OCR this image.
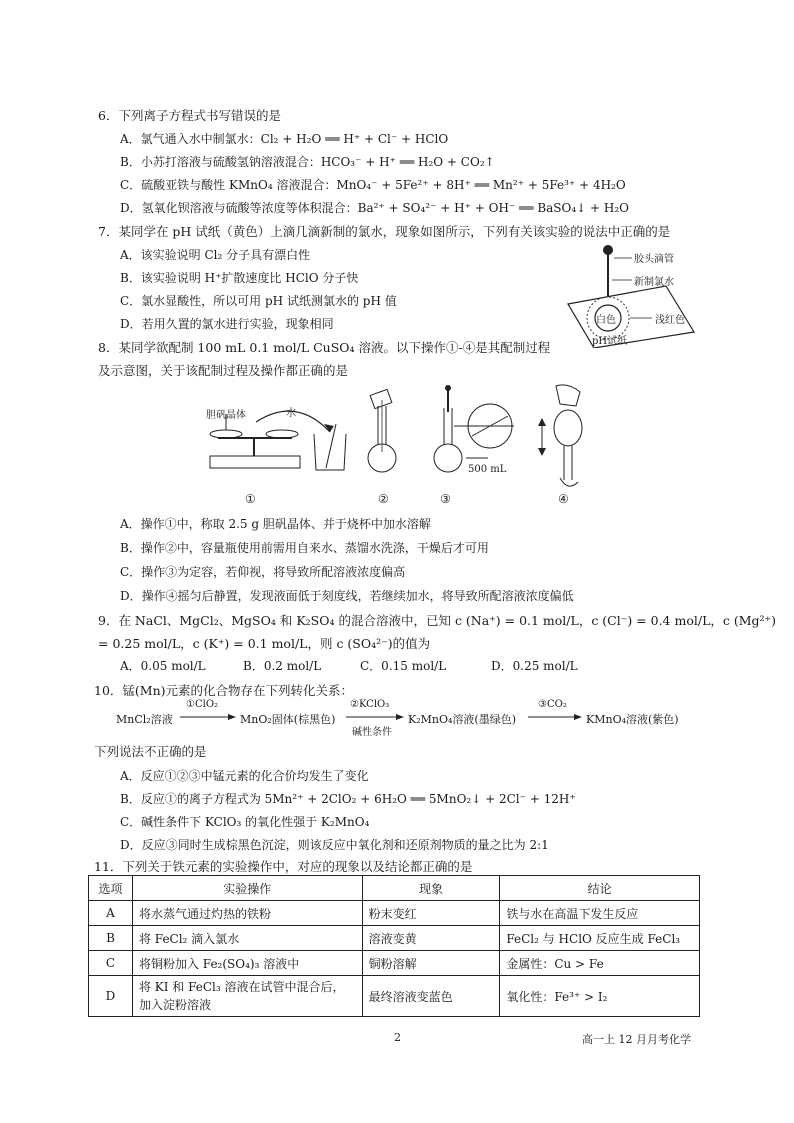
6．下列离子方程式书写错误的是
A．氯气通入水中制氯水：Cl₂ + H₂O ══ H⁺ + Cl⁻ + HClO
B．小苏打溶液与硫酸氢钠溶液混合：HCO₃⁻ + H⁺ ══ H₂O + CO₂↑
C．硫酸亚铁与酸性 KMnO₄ 溶液混合：MnO₄⁻ + 5Fe²⁺ + 8H⁺ ══ Mn²⁺ + 5Fe³⁺ + 4H₂O
D．氢氧化钡溶液与硫酸等浓度等体积混合：Ba²⁺ + SO₄²⁻ + H⁺ + OH⁻ ══ BaSO₄↓ + H₂O
7．某同学在 pH 试纸（黄色）上滴几滴新制的氯水，现象如图所示，下列有关该实验的说法中正确的是
A．该实验说明 Cl₂ 分子具有漂白性
B．该实验说明 H⁺扩散速度比 HClO 分子快
C．氯水显酸性，所以可用 pH 试纸测氯水的 pH 值
D．若用久置的氯水进行实验，现象相同
胶头滴管
新制氯水
白色	浅红色
pH试纸
8．某同学欲配制 100 mL 0.1 mol/L CuSO₄ 溶液。以下操作①-④是其配制过程
及示意图，关于该配制过程及操作都正确的是
胆矾晶体	水
500 mL
①	②	③	④
A．操作①中，称取 2.5 g 胆矾晶体、并于烧杯中加水溶解
B．操作②中，容量瓶使用前需用自来水、蒸馏水洗涤，干燥后才可用
C．操作③为定容，若仰视，将导致所配溶液浓度偏高
D．操作④摇匀后静置，发现液面低于刻度线，若继续加水，将导致所配溶液浓度偏低
9．在 NaCl、MgCl₂、MgSO₄ 和 K₂SO₄ 的混合溶液中，已知 c (Na⁺) = 0.1 mol/L，c (Cl⁻) = 0.4 mol/L，c (Mg²⁺)
= 0.25 mol/L，c (K⁺) = 0.1 mol/L，则 c (SO₄²⁻)的值为
A．0.05 mol/L	B．0.2 mol/L	C．0.15 mol/L	D．0.25 mol/L
10．锰(Mn)元素的化合物存在下列转化关系：
MnCl₂溶液
①ClO₂
MnO₂固体(棕黑色)
②KClO₃
碱性条件
K₂MnO₄溶液(墨绿色)
③CO₂
KMnO₄溶液(紫色)
下列说法不正确的是
A．反应①②③中锰元素的化合价均发生了变化
B．反应①的离子方程式为 5Mn²⁺ + 2ClO₂ + 6H₂O ══ 5MnO₂↓ + 2Cl⁻ + 12H⁺
C．碱性条件下 KClO₃ 的氧化性强于 K₂MnO₄
D．反应③同时生成棕黑色沉淀，则该反应中氧化剂和还原剂物质的量之比为 2:1
11．下列关于铁元素的实验操作中，对应的现象以及结论都正确的是
选项	实验操作	现象	结论
A	将水蒸气通过灼热的铁粉	粉末变红	铁与水在高温下发生反应
B	将 FeCl₂ 滴入氯水	溶液变黄	FeCl₂ 与 HClO 反应生成 FeCl₃
C	将铜粉加入 Fe₂(SO₄)₃ 溶液中	铜粉溶解	金属性：Cu > Fe
D	将 KI 和 FeCl₃ 溶液在试管中混合后，加入淀粉溶液	最终溶液变蓝色	氧化性：Fe³⁺ > I₂
2	高一上 12 月月考化学
